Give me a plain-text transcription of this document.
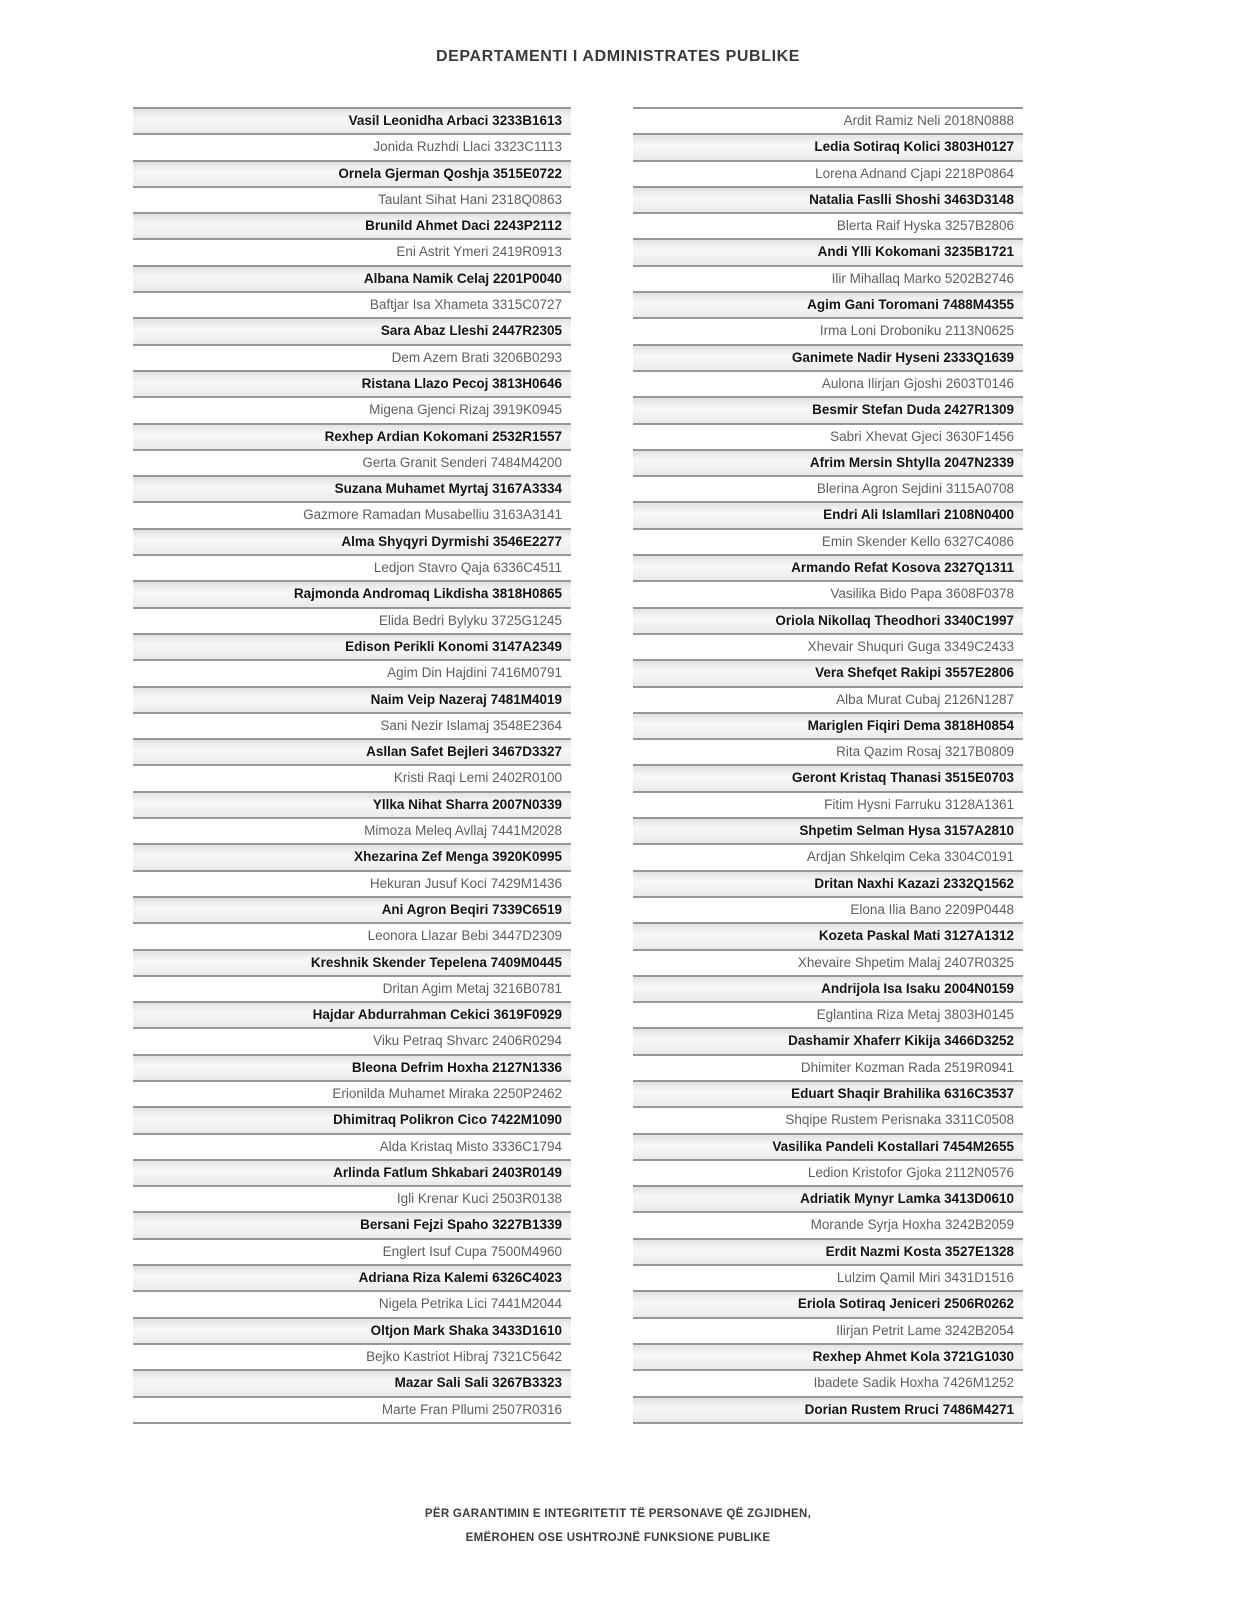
DEPARTAMENTI I ADMINISTRATES PUBLIKE
Vasil Leonidha Arbaci 3233B1613
Jonida Ruzhdi Llaci 3323C1113
Ornela Gjerman Qoshja 3515E0722
Taulant Sihat Hani 2318Q0863
Brunild Ahmet Daci 2243P2112
Eni Astrit Ymeri 2419R0913
Albana Namik Celaj 2201P0040
Baftjar Isa Xhameta 3315C0727
Sara Abaz Lleshi 2447R2305
Dem Azem Brati 3206B0293
Ristana Llazo Pecoj 3813H0646
Migena Gjenci Rizaj 3919K0945
Rexhep Ardian Kokomani 2532R1557
Gerta Granit Senderi 7484M4200
Suzana Muhamet Myrtaj 3167A3334
Gazmore Ramadan Musabelliu 3163A3141
Alma Shyqyri Dyrmishi 3546E2277
Ledjon Stavro Qaja 6336C4511
Rajmonda Andromaq Likdisha 3818H0865
Elida Bedri Bylyku 3725G1245
Edison Perikli Konomi 3147A2349
Agim Din Hajdini 7416M0791
Naim Veip Nazeraj 7481M4019
Sani Nezir Islamaj 3548E2364
Asllan Safet Bejleri 3467D3327
Kristi Raqi Lemi 2402R0100
Yllka Nihat Sharra 2007N0339
Mimoza Meleq Avllaj 7441M2028
Xhezarina Zef Menga 3920K0995
Hekuran Jusuf Koci 7429M1436
Ani Agron Beqiri 7339C6519
Leonora Llazar Bebi 3447D2309
Kreshnik Skender Tepelena 7409M0445
Dritan Agim Metaj 3216B0781
Hajdar Abdurrahman Cekici 3619F0929
Viku Petraq Shvarc 2406R0294
Bleona Defrim Hoxha 2127N1336
Erionilda Muhamet Miraka 2250P2462
Dhimitraq Polikron Cico 7422M1090
Alda Kristaq Misto 3336C1794
Arlinda Fatlum Shkabari 2403R0149
Igli Krenar Kuci 2503R0138
Bersani Fejzi Spaho 3227B1339
Englert Isuf Cupa 7500M4960
Adriana Riza Kalemi 6326C4023
Nigela Petrika Lici 7441M2044
Oltjon Mark Shaka 3433D1610
Bejko Kastriot Hibraj 7321C5642
Mazar Sali Sali 3267B3323
Marte Fran Pllumi 2507R0316
Ardit Ramiz Neli 2018N0888
Ledia Sotiraq Kolici 3803H0127
Lorena Adnand Cjapi 2218P0864
Natalia Faslli Shoshi 3463D3148
Blerta Raif Hyska 3257B2806
Andi Ylli Kokomani 3235B1721
Ilir Mihallaq Marko 5202B2746
Agim Gani Toromani 7488M4355
Irma Loni Droboniku 2113N0625
Ganimete Nadir Hyseni 2333Q1639
Aulona Ilirjan Gjoshi 2603T0146
Besmir Stefan Duda 2427R1309
Sabri Xhevat Gjeci 3630F1456
Afrim Mersin Shtylla 2047N2339
Blerina Agron Sejdini 3115A0708
Endri Ali Islamllari 2108N0400
Emin Skender Kello 6327C4086
Armando Refat Kosova 2327Q1311
Vasilika Bido Papa 3608F0378
Oriola Nikollaq Theodhori 3340C1997
Xhevair Shuquri Guga 3349C2433
Vera Shefqet Rakipi 3557E2806
Alba Murat Cubaj 2126N1287
Mariglen Fiqiri Dema 3818H0854
Rita Qazim Rosaj 3217B0809
Geront Kristaq Thanasi 3515E0703
Fitim Hysni Farruku 3128A1361
Shpetim Selman Hysa 3157A2810
Ardjan Shkelqim Ceka 3304C0191
Dritan Naxhi Kazazi 2332Q1562
Elona Ilia Bano 2209P0448
Kozeta Paskal Mati 3127A1312
Xhevaire Shpetim Malaj 2407R0325
Andrijola Isa Isaku 2004N0159
Eglantina Riza Metaj 3803H0145
Dashamir Xhaferr Kikija 3466D3252
Dhimiter Kozman Rada 2519R0941
Eduart Shaqir Brahilika 6316C3537
Shqipe Rustem Perisnaka 3311C0508
Vasilika Pandeli Kostallari 7454M2655
Ledion Kristofor Gjoka 2112N0576
Adriatik Mynyr Lamka 3413D0610
Morande Syrja Hoxha 3242B2059
Erdit Nazmi Kosta 3527E1328
Lulzim Qamil Miri 3431D1516
Eriola Sotiraq Jeniceri 2506R0262
Ilirjan Petrit Lame 3242B2054
Rexhep Ahmet Kola 3721G1030
Ibadete Sadik Hoxha 7426M1252
Dorian Rustem Rruci 7486M4271
PËR GARANTIMIN E INTEGRITETIT TË PERSONAVE QË ZGJIDHEN,
EMËROHEN OSE USHTROJNË FUNKSIONE PUBLIKE
